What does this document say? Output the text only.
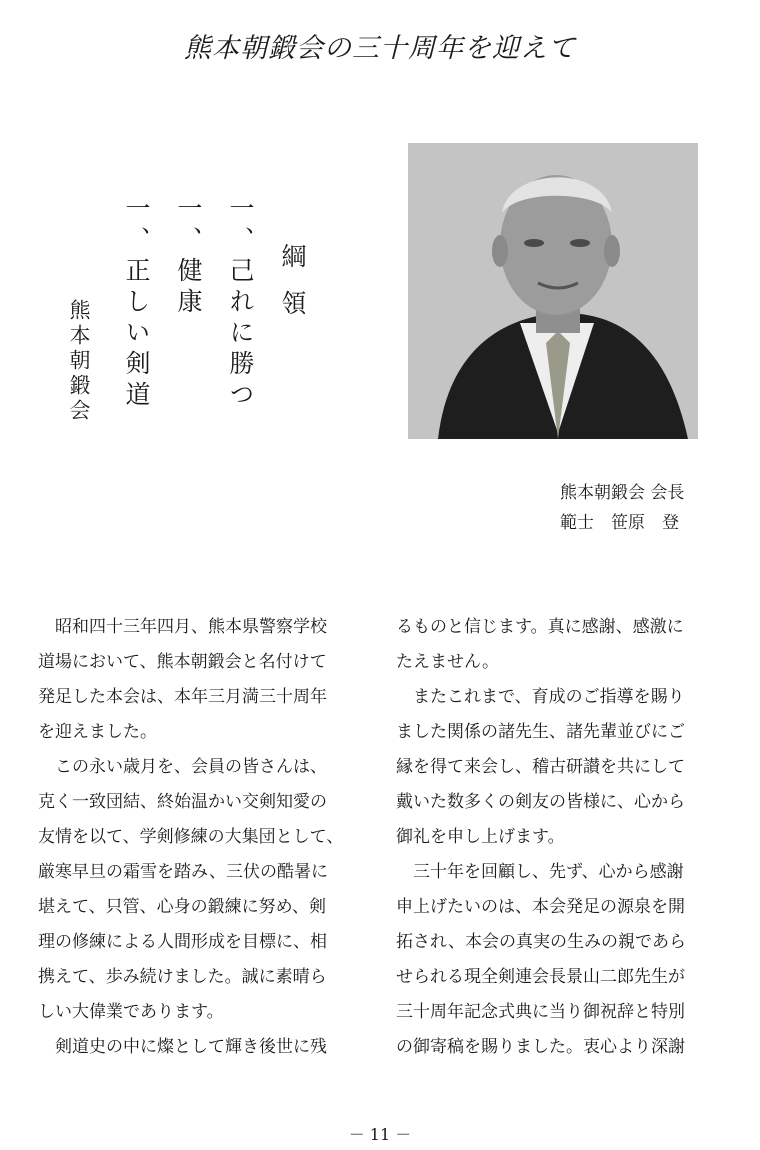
熊本朝鍛会の三十周年を迎えて
綱領
一、己れに勝つ
一、健康
一、正しい剣道
熊本朝鍛会
熊本朝鍛会 会長
範士　笹原　登
　昭和四十三年四月、熊本県警察学校
道場において、熊本朝鍛会と名付けて
発足した本会は、本年三月満三十周年
を迎えました。
　この永い歳月を、会員の皆さんは、
克く一致団結、終始温かい交剣知愛の
友情を以て、学剣修練の大集団として、
厳寒早旦の霜雪を踏み、三伏の酷暑に
堪えて、只管、心身の鍛練に努め、剣
理の修練による人間形成を目標に、相
携えて、歩み続けました。誠に素晴ら
しい大偉業であります。
　剣道史の中に燦として輝き後世に残
るものと信じます。真に感謝、感激に
たえません。
　またこれまで、育成のご指導を賜り
ました関係の諸先生、諸先輩並びにご
縁を得て来会し、稽古研讃を共にして
戴いた数多くの剣友の皆様に、心から
御礼を申し上げます。
　三十年を回顧し、先ず、心から感謝
申上げたいのは、本会発足の源泉を開
拓され、本会の真実の生みの親であら
せられる現全剣連会長景山二郎先生が
三十周年記念式典に当り御祝辞と特別
の御寄稿を賜りました。衷心より深謝
－ 11 －
